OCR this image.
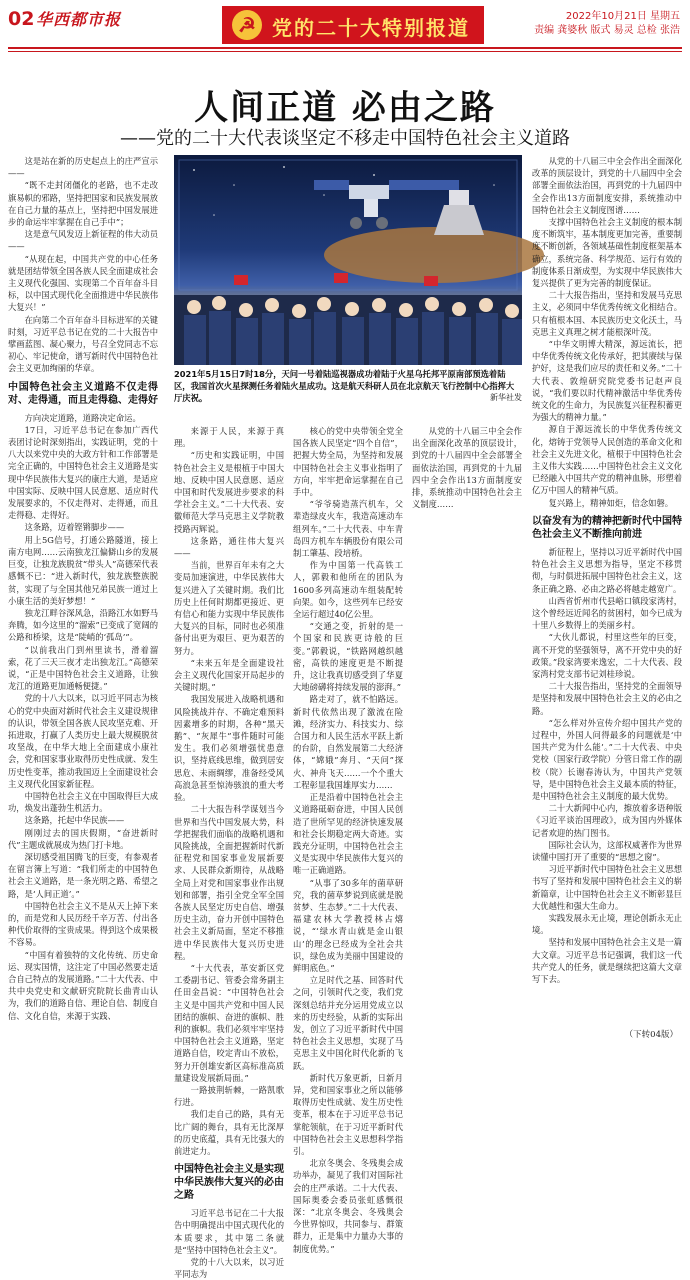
02 华西都市报	☭ 党的二十大特别报道	2022年10月21日 星期五
责编 龚婆秋 版式 易灵 总检 张浩
人间正道 必由之路
——党的二十大代表谈坚定不移走中国特色社会主义道路

这是站在新的历史起点上的庄严宣示——

“既不走封闭僵化的老路，也不走改旗易帜的邪路，坚持把国家和民族发展放在自己力量的基点上，坚持把中国发展进步的命运牢牢掌握在自己手中”；

这是意气风发迈上新征程的伟大动员——

“从现在起，中国共产党的中心任务就是团结带领全国各族人民全面建成社会主义现代化强国、实现第二个百年奋斗目标，以中国式现代化全面推进中华民族伟大复兴！”

在向第二个百年奋斗目标进军的关键时刻，习近平总书记在党的二十大报告中擘画蓝图、凝心聚力，号召全党同志不忘初心、牢记使命，谱写新时代中国特色社会主义更加绚丽的华章。

中国特色社会主义道路不仅走得对、走得通，而且走得稳、走得好

方向决定道路，道路决定命运。

17日，习近平总书记在参加广西代表团讨论时深刻指出，实践证明，党的十八大以来党中央的大政方针和工作部署是完全正确的，中国特色社会主义道路是实现中华民族伟大复兴的康庄大道，是适应中国实际、反映中国人民意愿、适应时代发展要求的，不仅走得对、走得通，而且走得稳、走得好。

这条路，迈着铿锵脚步——

用上5G信号，打通公路隧道，接上南方电网……云南独龙江偏僻山乡的发展巨变，让独龙族脱贫“带头人”高德荣代表感慨不已：“进入新时代，独龙族整族脱贫，实现了与全国其他兄弟民族一道过上小康生活的美好梦想！”

独龙江畔谷深风急，沿路江水如野马奔腾，如今这里的“溜索”已变成了宽阔的公路和桥梁，这是“陡峭的‘孤岛’”。

“以前我出门到州里读书，滑着溜索，花了三天三夜才走出独龙江。”高德荣说，“正是中国特色社会主义道路，让独龙江的道路更加通畅便捷。”

党的十八大以来，以习近平同志为核心的党中央面对新时代社会主义建设规律的认识，带领全国各族人民攻坚克难、开拓进取，打赢了人类历史上最大规模脱贫攻坚战，在中华大地上全面建成小康社会，党和国家事业取得历史性成就、发生历史性变革，推动我国迈上全面建设社会主义现代化国家新征程。

中国特色社会主义在中国取得巨大成功，焕发出蓬勃生机活力。

这条路，托起中华民族——

刚刚过去的国庆假期，“奋进新时代”主题成就展成为热门打卡地。

深切感受祖国腾飞的巨变，有参观者在留言簿上写道：“我们所走的中国特色社会主义道路，是一条光明之路、希望之路，是‘人间正道’。”

中国特色社会主义不是从天上掉下来的，而是党和人民历经千辛万苦、付出各种代价取得的宝贵成果。得到这个成果极不容易。

“中国有着独特的文化传统、历史命运、现实国情，这注定了中国必然要走适合自己特点的发展道路。”二十大代表、中共中央党史和文献研究院院长曲青山认为，我们的道路自信、理论自信、制度自信、文化自信，来源于实践、

2021年5月15日7时18分，天问一号着陆巡视器成功着陆于火星乌托邦平原南部预选着陆区，我国首次火星探测任务着陆火星成功。这是航天科研人员在北京航天飞行控制中心指挥大厅庆祝。	新华社发

来源于人民，来源于真理。

“历史和实践证明，中国特色社会主义是根植于中国大地、反映中国人民意愿、适应中国和时代发展进步要求的科学社会主义。”二十大代表、安徽师范大学马克思主义学院教授路丙辉说。

这条路，通往伟大复兴——

当前，世界百年未有之大变局加速演进，中华民族伟大复兴进入了关键时期。我们比历史上任何时期都更接近、更有信心和能力实现中华民族伟大复兴的目标，同时也必须准备付出更为艰巨、更为艰苦的努力。

“未来五年是全面建设社会主义现代化国家开局起步的关键时期。”

我国发展进入战略机遇和风险挑战并存、不确定难预料因素增多的时期，各种“黑天鹅”、“灰犀牛”事件随时可能发生。我们必须增强忧患意识，坚持底线思维，做到居安思危、未雨绸缪，准备经受风高浪急甚至惊涛骇浪的重大考验。

二十大报告科学谋划当今世界和当代中国发展大势，科学把握我们面临的战略机遇和风险挑战，全面把握新时代新征程党和国家事业发展新要求、人民群众新期待，从战略全局上对党和国家事业作出规划和部署，指引全党全军全国各族人民坚定历史自信、增强历史主动，奋力开创中国特色社会主义新局面，坚定不移推进中华民族伟大复兴历史进程。

“十大代表，革安新区党工委副书记、管委会常务副主任田金昌说：“中国特色社会主义是中国共产党和中国人民团结的旗帜、奋进的旗帜、胜利的旗帜。我们必须牢牢坚持中国特色社会主义道路，坚定道路自信，咬定青山不放松，努力开创雄安新区高标准高质量建设发展新局面。”

一路披荆斩棘，一路凯歌行进。

我们走自己的路，具有无比广阔的舞台，具有无比深厚的历史底蕴，具有无比强大的前进定力。

中国特色社会主义是实现中华民族伟大复兴的必由之路

习近平总书记在二十大报告中明确提出中国式现代化的本质要求，其中第二条就是“坚持中国特色社会主义”。

党的十八大以来，以习近平同志为

核心的党中央带领全党全国各族人民坚定“四个自信”，把握大势全局，为坚持和发展中国特色社会主义事业指明了方向，牢牢把命运掌握在自己手中。

“爷爷骑造蒸汽机车，父辈造绿皮火车，我造高速动车组列车。”二十大代表、中车青岛四方机车车辆股份有限公司制工肇基、段培桥。

作为中国第一代高铁工人，郭毅和他所在的团队为1600多列高速动车组装配转向架。如今，这些列车已经安全运行超过40亿公里。

“交通之变，折射的是一个国家和民族更诗般的巨变。”郭毅说，“铁路网越织越密，高铁的速度更是不断提升，这让我真切感受到了华夏大地磅礴将持续发展的澎湃。”

路走对了，就不怕路远。新时代依然出现了激流在险滩，经济实力、科技实力、综合国力和人民生活水平跃上新的台阶，自然发展第二大经济体，“嫦娥”奔月、“天问”探火、神舟飞天……一个个重大工程彰显我国雄厚实力……

正是沿着中国特色社会主义道路砥砺奋进，中国人民创造了世所罕见的经济快速发展和社会长期稳定两大奇迹。实践充分证明，中国特色社会主义是实现中华民族伟大复兴的唯一正确道路。

“从事了30多年的菌草研究，我的菌草梦说到底就是脱贫梦、生态梦。”二十大代表、福建农林大学教授林占熺说，“‘绿水青山就是金山银山’的理念已经成为全社会共识，绿色成为美丽中国建设的鲜明底色。”

立足时代之基、回答时代之问，引领时代之变，我们党深刻总结并充分运用党成立以来的历史经验，从新的实际出发，创立了习近平新时代中国特色社会主义思想，实现了马克思主义中国化时代化新的飞跃。

新时代万象更新，日新月异，党和国家事业之所以能够取得历史性成就、发生历史性变革，根本在于习近平总书记掌舵领航，在于习近平新时代中国特色社会主义思想科学指引。

北京冬奥会、冬残奥会成功举办，凝见了我们对国际社会的庄严承诺。二十大代表、国际奥委会委员张虹感慨很深：“北京冬奥会、冬残奥会今世界惊叹，共同参与、群策群力，正是集中力量办大事的制度优势。”

从党的十八届三中全会作出全面深化改革的顶层设计，到党的十八届四中全会部署全面依法治国，再到党的十九届四中全会作出13方面制度安排，系统推动中国特色社会主义制度……

从党的十八届三中全会作出全面深化改革的顶层设计，到党的十八届四中全会部署全面依法治国，再到党的十九届四中全会作出13方面制度安排，系统推动中国特色社会主义制度图谱……

支撑中国特色社会主义制度的根本制度不断筑牢，基本制度更加完善，重要制度不断创新，各领域基础性制度框架基本确立，系统完备、科学规范、运行有效的制度体系日渐成型，为实现中华民族伟大复兴提供了更为完善的制度保证。

二十大报告指出，坚持和发展马克思主义，必须同中华优秀传统文化相结合。只有植根本国、本民族历史文化沃土，马克思主义真理之树才能根深叶茂。

“中华文明博大精深，源远流长，把中华优秀传统文化传承好，把其赓续与保护好，这是我们应尽的责任和义务。”二十大代表、敦煌研究院党委书记赵声良说，“我们要以时代精神激活中华优秀传统文化的生命力，为民族复兴征程积蓄更为强大的精神力量。”

源自于源远流长的中华优秀传统文化，熔铸于党领导人民创造的革命文化和社会主义先进文化，植根于中国特色社会主义伟大实践……中国特色社会主义文化已经融入中国共产党的精神血脉，形塑着亿万中国人的精神气质。

复兴路上，精神如炬，信念如磐。

以奋发有为的精神把新时代中国特色社会主义不断推向前进

新征程上，坚持以习近平新时代中国特色社会主义思想为指导，坚定不移贯彻，与时俱进拓展中国特色社会主义，这条正确之路、必由之路必将越走越宽广。

山西省忻州市代县峪口镇段家湾村，这个曾经远近闻名的贫困村，如今已成为十里八乡数得上的美丽乡村。

“大伙儿都说，村里这些年的巨变，离不开党的坚强领导，离不开党中央的好政策。”段家湾要来逸宏，二十大代表、段家湾村党支部书记刘桂珍说。

二十大报告指出，坚持党的全面领导是坚持和发展中国特色社会主义的必由之路。

“怎么样对外宣传介绍中国共产党的过程中，外国人问得最多的问题就是‘中国共产党为什么能’。”二十大代表、中央党校（国家行政学院）分管日常工作的副校（院）长谢春涛认为，中国共产党领导，是中国特色社会主义最本质的特征，是中国特色社会主义制度的最大优势。

二十大新闻中心内，擦放着多语种版《习近平谈治国理政》，成为国内外媒体记者欢迎的热门图书。

国际社会认为，这部权威著作为世界读懂中国打开了重要的“思想之窗”。

习近平新时代中国特色社会主义思想书写了坚持和发展中国特色社会主义的崭新篇章，让中国特色社会主义不断彰显巨大优越性和强大生命力。

实践发展永无止境，理论创新永无止境。

坚持和发展中国特色社会主义是一篇大文章。习近平总书记强调，我们这一代共产党人的任务，就是继续把这篇大文章写下去。

（下转04版）
